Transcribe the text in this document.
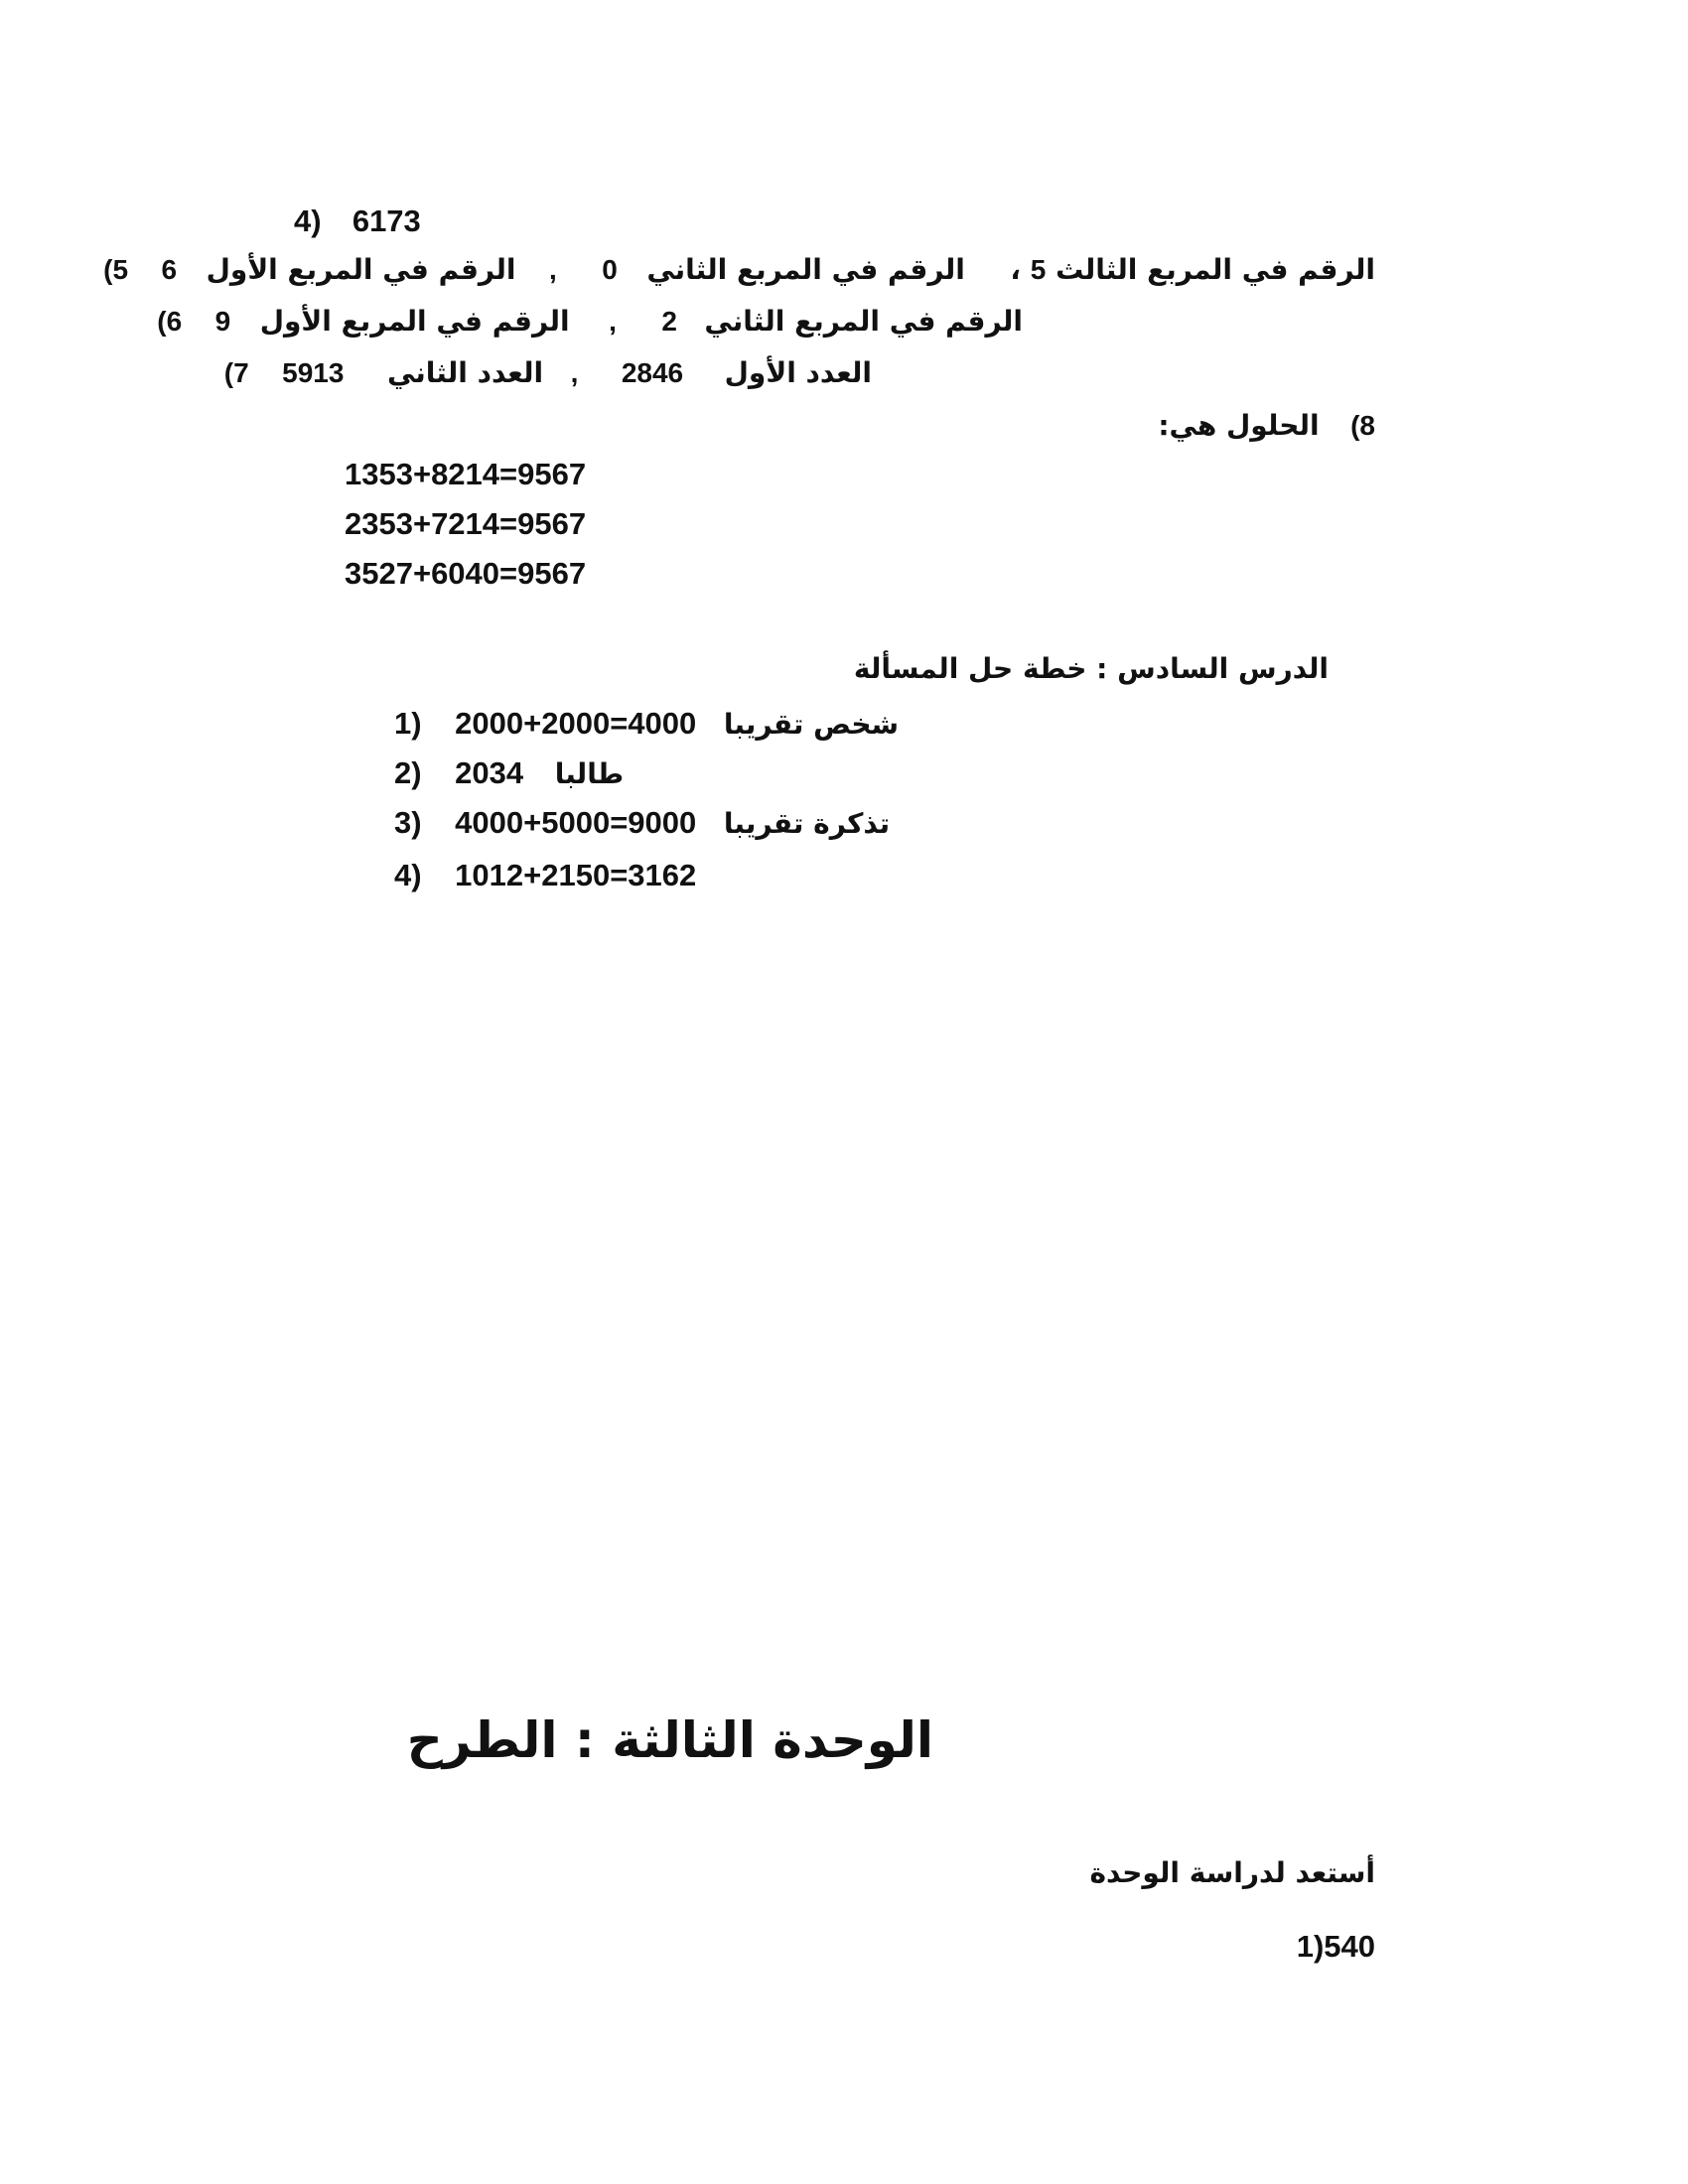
4) 6173
الرقم في المربع الثالث 5 ،  الرقم في المربع الثاني  0  ,  الرقم في المربع الأول  6  5)
الرقم في المربع الثاني  2  ,  الرقم في المربع الأول  9  6)
العدد الأول  2846  ,  العدد الثاني  5913  7)
8)  الحلول هي:
1353+8214=9567
2353+7214=9567
3527+6040=9567
الدرس السادس : خطة حل المسألة
1) 2000+2000=4000 شخص تقريبا
2) 2034 طالبا
3) 4000+5000=9000 تذكرة تقريبا
4) 1012+2150=3162
الوحدة الثالثة : الطرح
أستعد لدراسة الوحدة
540(1
